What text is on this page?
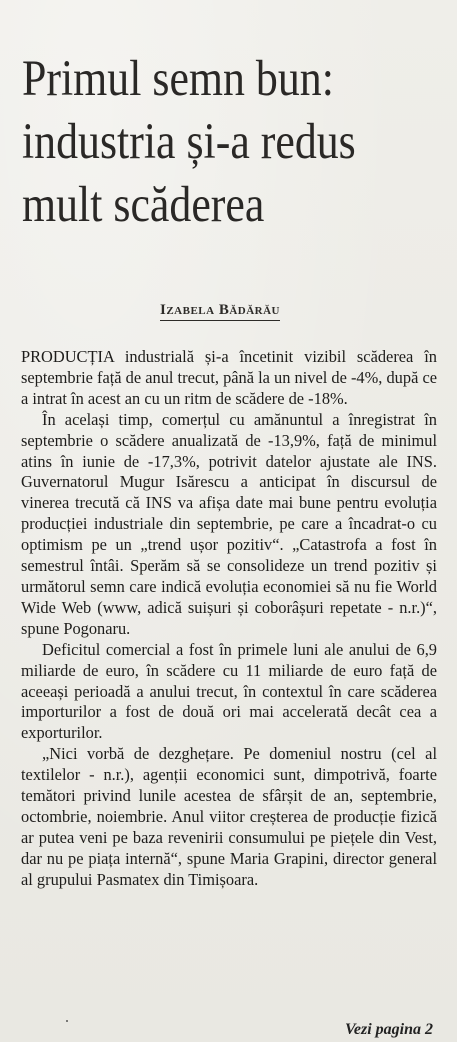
Primul semn bun:
industria și-a redus
mult scăderea
Izabela Bădărău

PRODUCȚIA industrială și-a încetinit vizibil scăderea în septembrie față de anul trecut, până la un nivel de -4%, după ce a intrat în acest an cu un ritm de scădere de -18%.

În același timp, comerțul cu amănuntul a înregistrat în septembrie o scădere anualizată de -13,9%, față de minimul atins în iunie de -17,3%, potrivit datelor ajustate ale INS. Guvernatorul Mugur Isărescu a anticipat în discursul de vinerea trecută că INS va afișa date mai bune pentru evoluția producției industriale din septembrie, pe care a încadrat-o cu optimism pe un „trend ușor pozitiv“. „Catastrofa a fost în semestrul întâi. Sperăm să se consolideze un trend pozitiv și următorul semn care indică evoluția economiei să nu fie World Wide Web (www, adică suișuri și coborâșuri repetate - n.r.)“, spune Pogonaru.

Deficitul comercial a fost în primele luni ale anului de 6,9 miliarde de euro, în scădere cu 11 miliarde de euro față de aceeași perioadă a anului trecut, în contextul în care scăderea importurilor a fost de două ori mai accelerată decât cea a exporturilor.

„Nici vorbă de dezghețare. Pe domeniul nostru (cel al textilelor - n.r.), agenții economici sunt, dimpotrivă, foarte temători privind lunile acestea de sfârșit de an, septembrie, octombrie, noiembrie. Anul viitor creșterea de producție fizică ar putea veni pe baza revenirii consumului pe piețele din Vest, dar nu pe piața internă“, spune Maria Grapini, director general al grupului Pasmatex din Timișoara.

Vezi pagina 2
